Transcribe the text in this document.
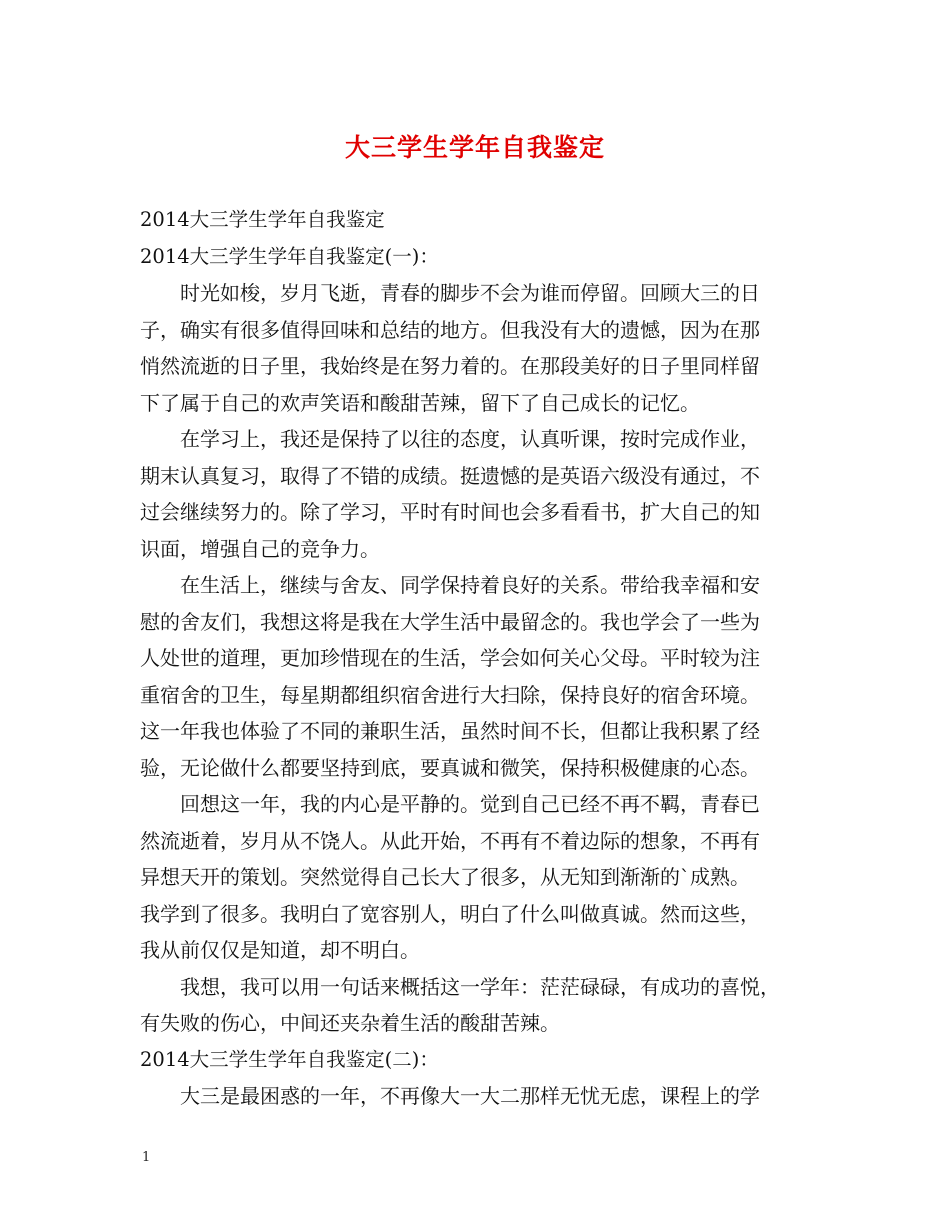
大三学生学年自我鉴定
2014大三学生学年自我鉴定
2014大三学生学年自我鉴定(一)：
时光如梭，岁月飞逝，青春的脚步不会为谁而停留。回顾大三的日
子，确实有很多值得回味和总结的地方。但我没有大的遗憾，因为在那
悄然流逝的日子里，我始终是在努力着的。在那段美好的日子里同样留
下了属于自己的欢声笑语和酸甜苦辣，留下了自己成长的记忆。
在学习上，我还是保持了以往的态度，认真听课，按时完成作业，
期末认真复习，取得了不错的成绩。挺遗憾的是英语六级没有通过，不
过会继续努力的。除了学习，平时有时间也会多看看书，扩大自己的知
识面，增强自己的竞争力。
在生活上，继续与舍友、同学保持着良好的关系。带给我幸福和安
慰的舍友们，我想这将是我在大学生活中最留念的。我也学会了一些为
人处世的道理，更加珍惜现在的生活，学会如何关心父母。平时较为注
重宿舍的卫生，每星期都组织宿舍进行大扫除，保持良好的宿舍环境。
这一年我也体验了不同的兼职生活，虽然时间不长，但都让我积累了经
验，无论做什么都要坚持到底，要真诚和微笑，保持积极健康的心态。
回想这一年，我的内心是平静的。觉到自己已经不再不羁，青春已
然流逝着，岁月从不饶人。从此开始，不再有不着边际的想象，不再有
异想天开的策划。突然觉得自己长大了很多，从无知到渐渐的`成熟。
我学到了很多。我明白了宽容别人，明白了什么叫做真诚。然而这些，
我从前仅仅是知道，却不明白。
我想，我可以用一句话来概括这一学年：茫茫碌碌，有成功的喜悦，
有失败的伤心，中间还夹杂着生活的酸甜苦辣。
2014大三学生学年自我鉴定(二)：
大三是最困惑的一年，不再像大一大二那样无忧无虑，课程上的学
1
